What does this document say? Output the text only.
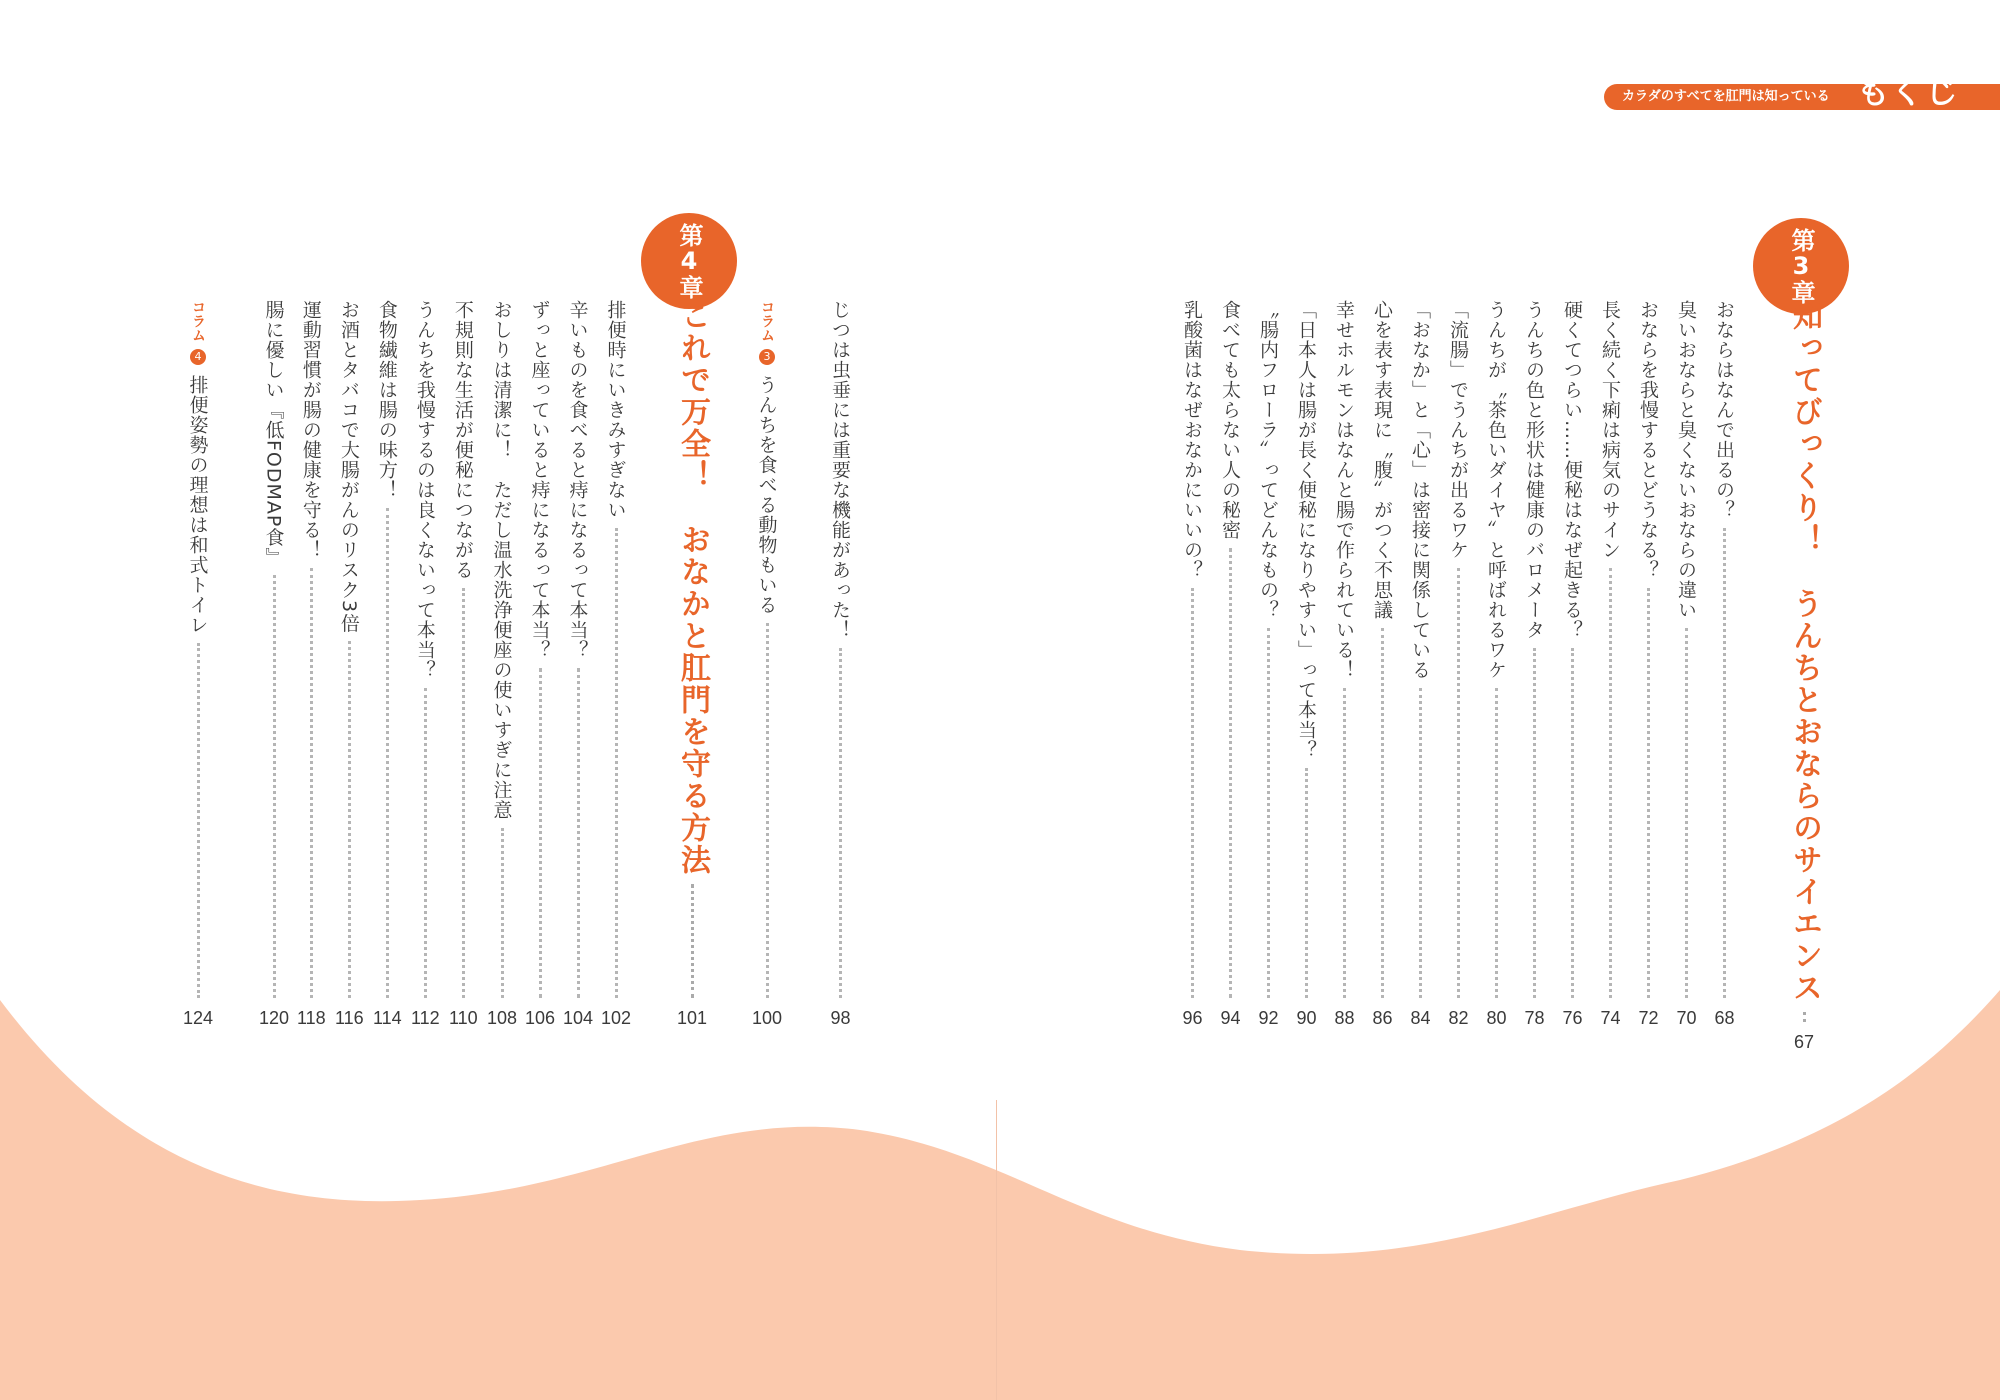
カラダのすべてを肛門は知っている もくじ
第3章
第4章
知ってびっくり！　うんちとおならのサイエンス
67
おならはなんで出るの？
68
臭いおならと臭くないおならの違い
70
おならを我慢するとどうなる？
72
長く続く下痢は病気のサイン
74
硬くてつらい……便秘はなぜ起きる？
76
うんちの色と形状は健康のバロメータ
78
うんちが〝茶色いダイヤ〟と呼ばれるワケ
80
「流腸」でうんちが出るワケ
82
「おなか」と「心」は密接に関係している
84
心を表す表現に〝腹〟がつく不思議
86
幸せホルモンはなんと腸で作られている！
88
「日本人は腸が長く便秘になりやすい」って本当？
90
〝腸内フローラ〟ってどんなもの？
92
食べても太らない人の秘密
94
乳酸菌はなぜおなかにいいの？
96
じつは虫垂には重要な機能があった！
98
コラム
3
うんちを食べる動物もいる
100
これで万全！　おなかと肛門を守る方法
101
排便時にいきみすぎない
102
辛いものを食べると痔になるって本当？
104
ずっと座っていると痔になるって本当？
106
おしりは清潔に！　ただし温水洗浄便座の使いすぎに注意
108
不規則な生活が便秘につながる
110
うんちを我慢するのは良くないって本当？
112
食物繊維は腸の味方！
114
お酒とタバコで大腸がんのリスク3倍
116
運動習慣が腸の健康を守る！
118
腸に優しい『低FODMAP食』
120
コラム
4
排便姿勢の理想は和式トイレ
124
